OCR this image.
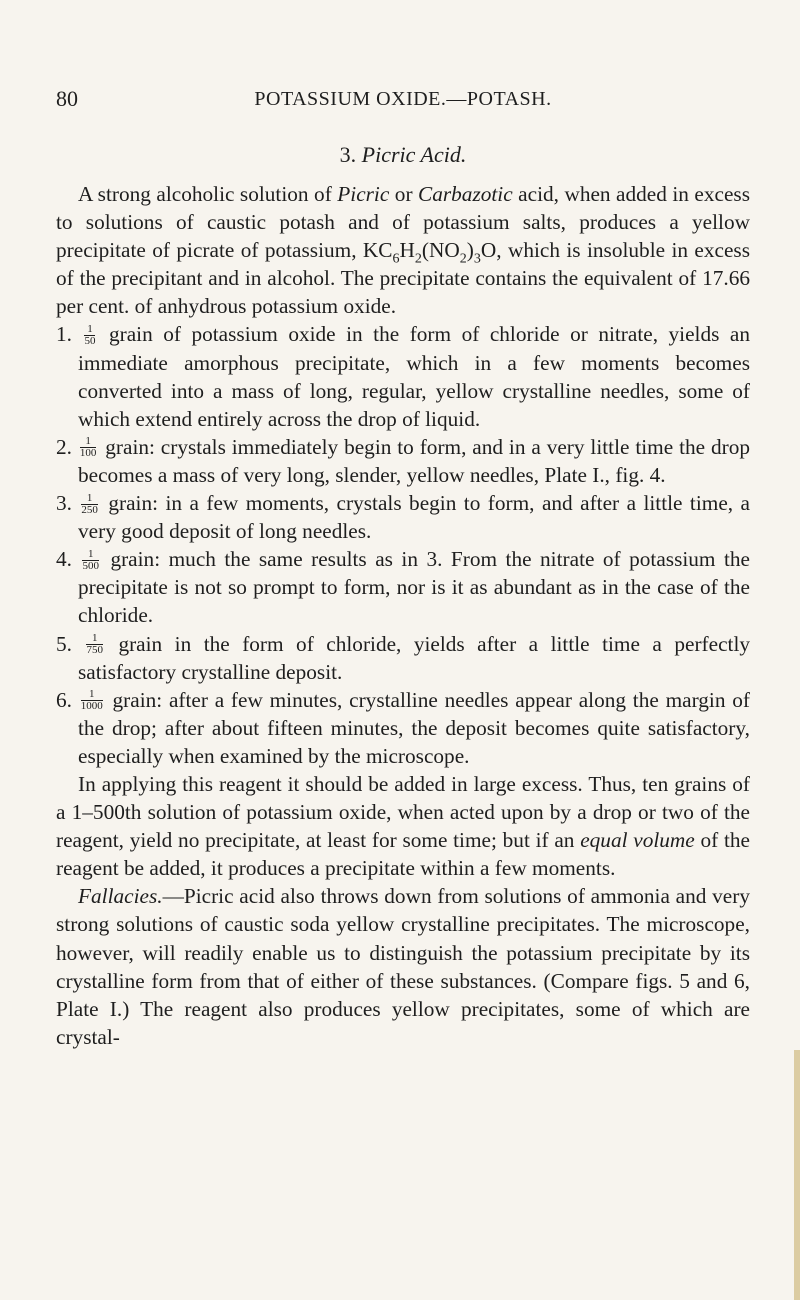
80	POTASSIUM OXIDE.—POTASH.
3. Picric Acid.

A strong alcoholic solution of Picric or Carbazotic acid, when added in excess to solutions of caustic potash and of potassium salts, produces a yellow precipitate of picrate of potassium, $KC_6H_2(NO_2)_3O$, which is insoluble in excess of the precipitant and in alcohol. The precipitate contains the equivalent of 17.66 per cent. of anhydrous potassium oxide.

1. $\frac{1}{50}$ grain of potassium oxide in the form of chloride or nitrate, yields an immediate amorphous precipitate, which in a few moments becomes converted into a mass of long, regular, yellow crystalline needles, some of which extend entirely across the drop of liquid.
2. $\frac{1}{100}$ grain: crystals immediately begin to form, and in a very little time the drop becomes a mass of very long, slender, yellow needles, Plate I., fig. 4.
3. $\frac{1}{250}$ grain: in a few moments, crystals begin to form, and after a little time, a very good deposit of long needles.
4. $\frac{1}{500}$ grain: much the same results as in 3. From the nitrate of potassium the precipitate is not so prompt to form, nor is it as abundant as in the case of the chloride.
5. $\frac{1}{750}$ grain in the form of chloride, yields after a little time a perfectly satisfactory crystalline deposit.
6. $\frac{1}{1000}$ grain: after a few minutes, crystalline needles appear along the margin of the drop; after about fifteen minutes, the deposit becomes quite satisfactory, especially when examined by the microscope.

In applying this reagent it should be added in large excess. Thus, ten grains of a 1–500th solution of potassium oxide, when acted upon by a drop or two of the reagent, yield no precipitate, at least for some time; but if an equal volume of the reagent be added, it produces a precipitate within a few moments.

Fallacies.—Picric acid also throws down from solutions of ammonia and very strong solutions of caustic soda yellow crystalline precipitates. The microscope, however, will readily enable us to distinguish the potassium precipitate by its crystalline form from that of either of these substances. (Compare figs. 5 and 6, Plate I.) The reagent also produces yellow precipitates, some of which are crystal-
